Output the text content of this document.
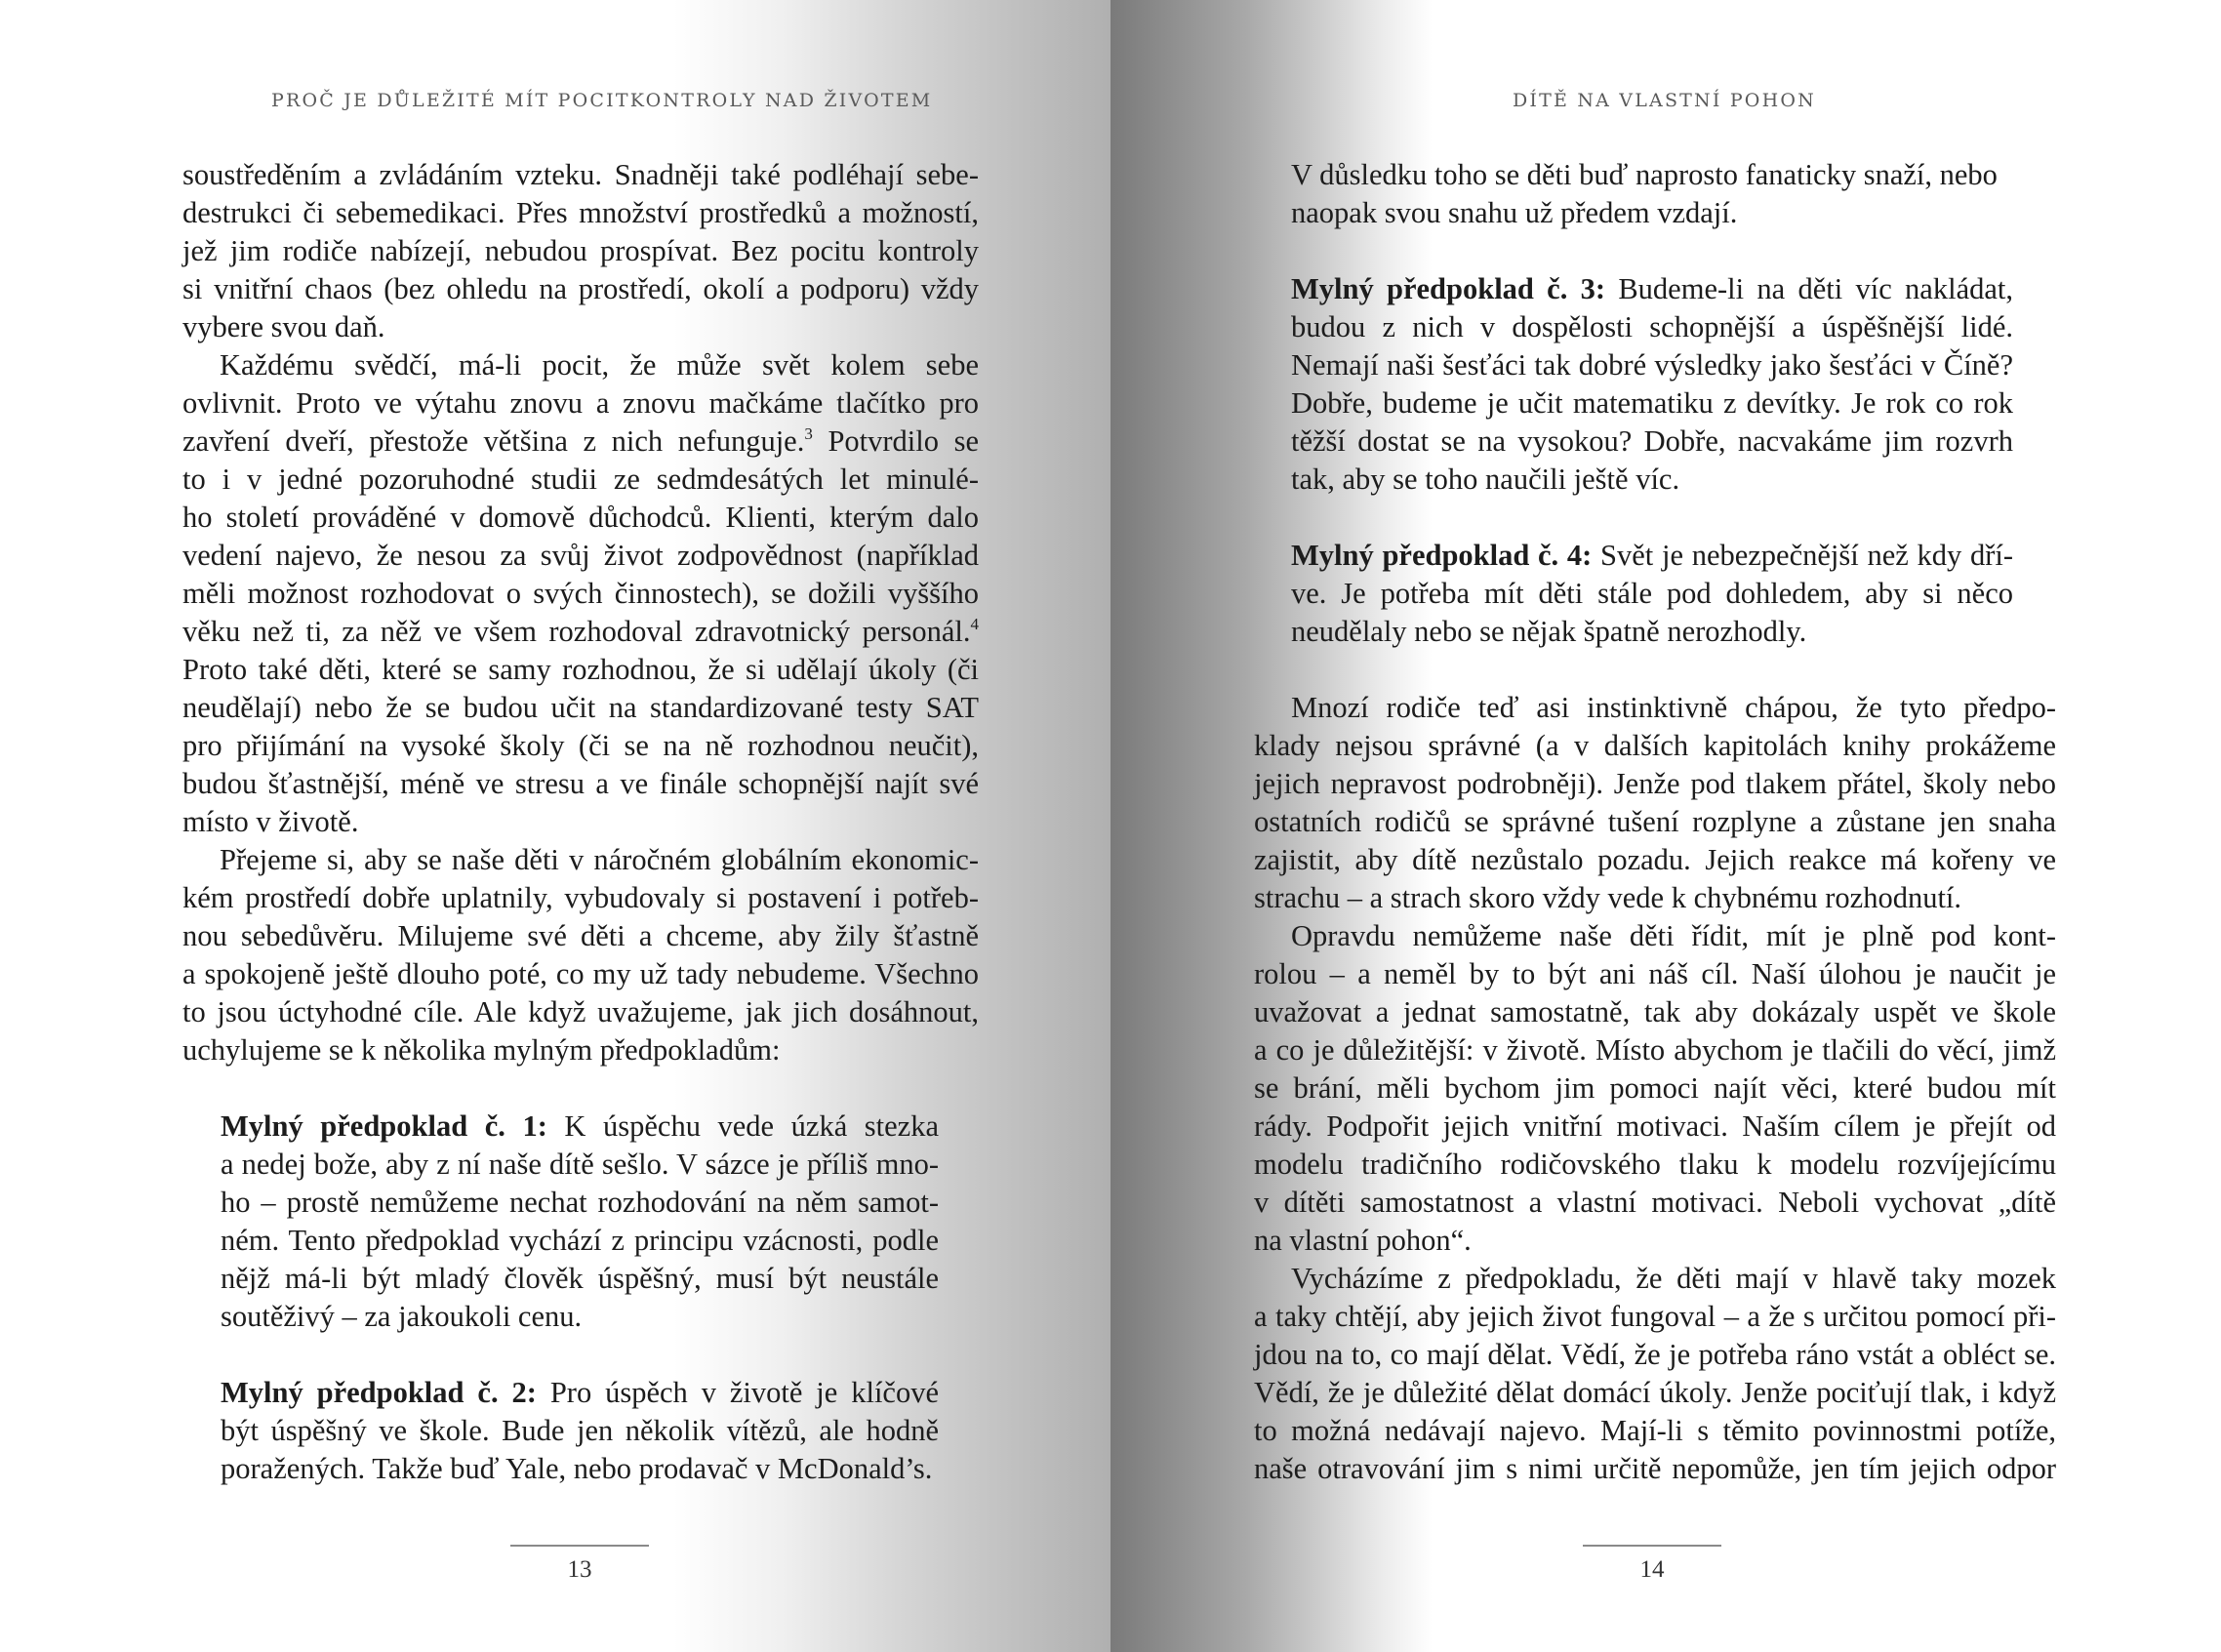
PROČ JE DŮLEŽITÉ MÍT POCITKONTROLY NAD ŽIVOTEM
soustředěním a zvládáním vzteku. Snadněji také podléhají sebe-
destrukci či sebemedikaci. Přes množství prostředků a možností,
jež jim rodiče nabízejí, nebudou prospívat. Bez pocitu kontroly
si vnitřní chaos (bez ohledu na prostředí, okolí a podporu) vždy
vybere svou daň.
Každému svědčí, má-li pocit, že může svět kolem sebe
ovlivnit. Proto ve výtahu znovu a znovu mačkáme tlačítko pro
zavření dveří, přestože většina z nich nefunguje.$^3$ Potvrdilo se
to i v jedné pozoruhodné studii ze sedmdesátých let minulé-
ho století prováděné v domově důchodců. Klienti, kterým dalo
vedení najevo, že nesou za svůj život zodpovědnost (například
měli možnost rozhodovat o svých činnostech), se dožili vyššího
věku než ti, za něž ve všem rozhodoval zdravotnický personál.$^4$
Proto také děti, které se samy rozhodnou, že si udělají úkoly (či
neudělají) nebo že se budou učit na standardizované testy SAT
pro přijímání na vysoké školy (či se na ně rozhodnou neučit),
budou šťastnější, méně ve stresu a ve finále schopnější najít své
místo v životě.
Přejeme si, aby se naše děti v náročném globálním ekonomic-
kém prostředí dobře uplatnily, vybudovaly si postavení i potřeb-
nou sebedůvěru. Milujeme své děti a chceme, aby žily šťastně
a spokojeně ještě dlouho poté, co my už tady nebudeme. Všechno
to jsou úctyhodné cíle. Ale když uvažujeme, jak jich dosáhnout,
uchylujeme se k několika mylným předpokladům:
Mylný předpoklad č. 1: K úspěchu vede úzká stezka
a nedej bože, aby z ní naše dítě sešlo. V sázce je příliš mno-
ho – prostě nemůžeme nechat rozhodování na něm samot-
ném. Tento předpoklad vychází z principu vzácnosti, podle
nějž má-li být mladý člověk úspěšný, musí být neustále
soutěživý – za jakoukoli cenu.
Mylný předpoklad č. 2: Pro úspěch v životě je klíčové
být úspěšný ve škole. Bude jen několik vítězů, ale hodně
poražených. Takže buď Yale, nebo prodavač v McDonald’s.
13
DÍTĚ NA VLASTNÍ POHON
14
V důsledku toho se děti buď naprosto fanaticky snaží, nebo
naopak svou snahu už předem vzdají.
Mylný předpoklad č. 3: Budeme-li na děti víc nakládat,
budou z nich v dospělosti schopnější a úspěšnější lidé.
Nemají naši šesťáci tak dobré výsledky jako šesťáci v Číně?
Dobře, budeme je učit matematiku z devítky. Je rok co rok
těžší dostat se na vysokou? Dobře, nacvakáme jim rozvrh
tak, aby se toho naučili ještě víc.
Mylný předpoklad č. 4: Svět je nebezpečnější než kdy dří-
ve. Je potřeba mít děti stále pod dohledem, aby si něco
neudělaly nebo se nějak špatně nerozhodly.
Mnozí rodiče teď asi instinktivně chápou, že tyto předpo-
klady nejsou správné (a v dalších kapitolách knihy prokážeme
jejich nepravost podrobněji). Jenže pod tlakem přátel, školy nebo
ostatních rodičů se správné tušení rozplyne a zůstane jen snaha
zajistit, aby dítě nezůstalo pozadu. Jejich reakce má kořeny ve
strachu – a strach skoro vždy vede k chybnému rozhodnutí.
Opravdu nemůžeme naše děti řídit, mít je plně pod kont-
rolou – a neměl by to být ani náš cíl. Naší úlohou je naučit je
uvažovat a jednat samostatně, tak aby dokázaly uspět ve škole
a co je důležitější: v životě. Místo abychom je tlačili do věcí, jimž
se brání, měli bychom jim pomoci najít věci, které budou mít
rády. Podpořit jejich vnitřní motivaci. Naším cílem je přejít od
modelu tradičního rodičovského tlaku k modelu rozvíjejícímu
v dítěti samostatnost a vlastní motivaci. Neboli vychovat „dítě
na vlastní pohon“.
Vycházíme z předpokladu, že děti mají v hlavě taky mozek
a taky chtějí, aby jejich život fungoval – a že s určitou pomocí při-
jdou na to, co mají dělat. Vědí, že je potřeba ráno vstát a obléct se.
Vědí, že je důležité dělat domácí úkoly. Jenže pociťují tlak, i když
to možná nedávají najevo. Mají-li s těmito povinnostmi potíže,
naše otravování jim s nimi určitě nepomůže, jen tím jejich odpor
